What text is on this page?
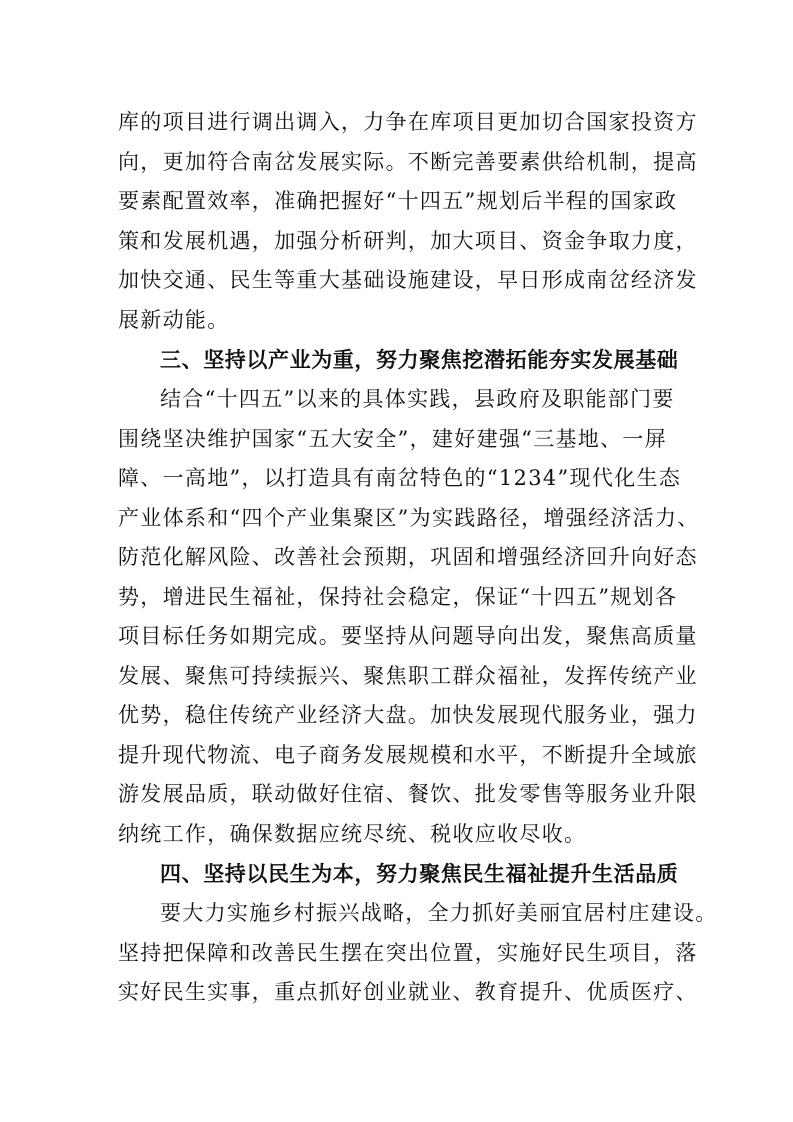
库的项目进行调出调入，力争在库项目更加切合国家投资方
向，更加符合南岔发展实际。不断完善要素供给机制，提高
要素配置效率，准确把握好“十四五”规划后半程的国家政
策和发展机遇，加强分析研判，加大项目、资金争取力度，
加快交通、民生等重大基础设施建设，早日形成南岔经济发
展新动能。
三、坚持以产业为重，努力聚焦挖潜拓能夯实发展基础
结合“十四五”以来的具体实践，县政府及职能部门要
围绕坚决维护国家“五大安全”，建好建强“三基地、一屏
障、一高地”，以打造具有南岔特色的“1234”现代化生态
产业体系和“四个产业集聚区”为实践路径，增强经济活力、
防范化解风险、改善社会预期，巩固和增强经济回升向好态
势，增进民生福祉，保持社会稳定，保证“十四五”规划各
项目标任务如期完成。要坚持从问题导向出发，聚焦高质量
发展、聚焦可持续振兴、聚焦职工群众福祉，发挥传统产业
优势，稳住传统产业经济大盘。加快发展现代服务业，强力
提升现代物流、电子商务发展规模和水平，不断提升全域旅
游发展品质，联动做好住宿、餐饮、批发零售等服务业升限
纳统工作，确保数据应统尽统、税收应收尽收。
四、坚持以民生为本，努力聚焦民生福祉提升生活品质
要大力实施乡村振兴战略，全力抓好美丽宜居村庄建设。
坚持把保障和改善民生摆在突出位置，实施好民生项目，落
实好民生实事，重点抓好创业就业、教育提升、优质医疗、
